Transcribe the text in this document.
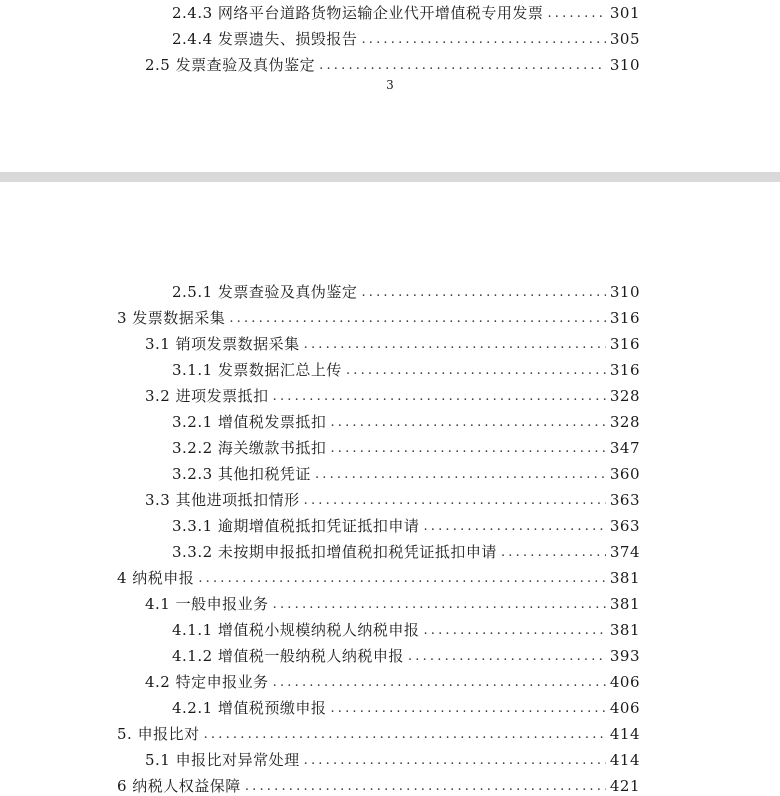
2.4.3 网络平台道路货物运输企业代开增值税专用发票 .....	301
2.4.4 发票遗失、损毁报告 .....	305
2.5 发票查验及真伪鉴定 .....	310
3
2.5.1 发票查验及真伪鉴定 .....	310
3 发票数据采集 .....	316
3.1 销项发票数据采集 .....	316
3.1.1 发票数据汇总上传 .....	316
3.2 进项发票抵扣 .....	328
3.2.1 增值税发票抵扣 .....	328
3.2.2 海关缴款书抵扣 .....	347
3.2.3 其他扣税凭证 .....	360
3.3 其他进项抵扣情形 .....	363
3.3.1 逾期增值税抵扣凭证抵扣申请 .....	363
3.3.2 未按期申报抵扣增值税扣税凭证抵扣申请 .....	374
4 纳税申报 .....	381
4.1 一般申报业务 .....	381
4.1.1 增值税小规模纳税人纳税申报 .....	381
4.1.2 增值税一般纳税人纳税申报 .....	393
4.2 特定申报业务 .....	406
4.2.1 增值税预缴申报 .....	406
5. 申报比对 .....	414
5.1 申报比对异常处理 .....	414
6 纳税人权益保障 .....	421
